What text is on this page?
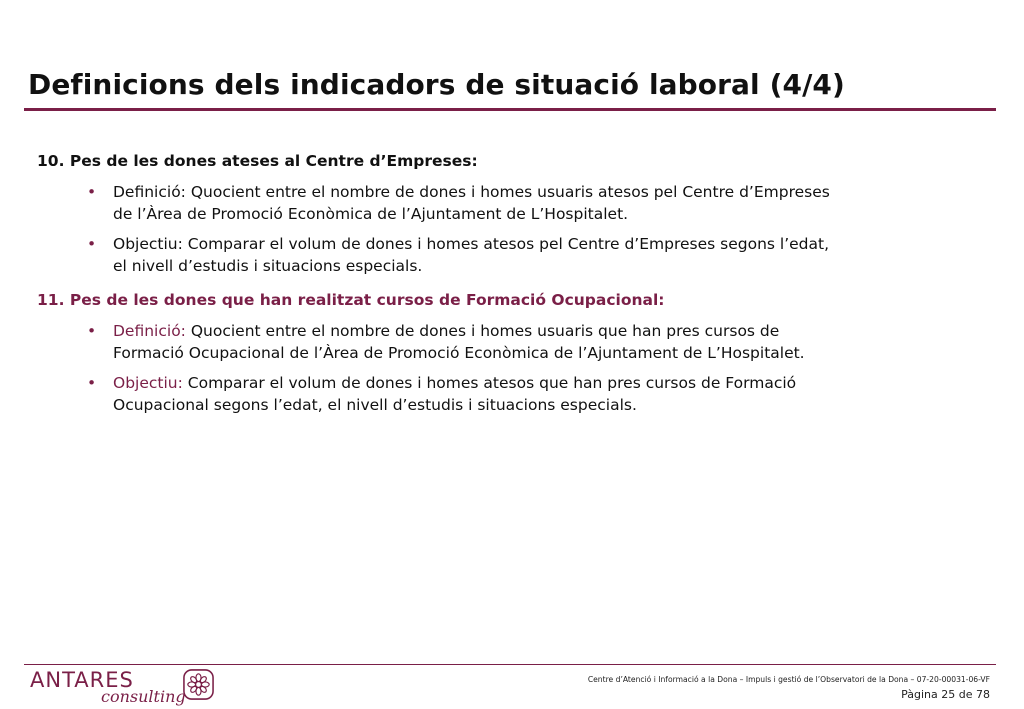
Definicions dels indicadors de situació laboral (4/4)
10. Pes de les dones ateses al Centre d’Empreses:
• Definició: Quocient entre el nombre de dones i homes usuaris atesos pel Centre d’Empreses
de l’Àrea de Promoció Econòmica de l’Ajuntament de L’Hospitalet.
• Objectiu: Comparar el volum de dones i homes atesos pel Centre d’Empreses segons l’edat,
el nivell d’estudis i situacions especials.
11. Pes de les dones que han realitzat cursos de Formació Ocupacional:
• Definició: Quocient entre el nombre de dones i homes usuaris que han pres cursos de
Formació Ocupacional de l’Àrea de Promoció Econòmica de l’Ajuntament de L’Hospitalet.
• Objectiu: Comparar el volum de dones i homes atesos que han pres cursos de Formació
Ocupacional segons l’edat, el nivell d’estudis i situacions especials.
ANTARES
consulting
Centre d’Atenció i Informació a la Dona – Impuls i gestió de l’Observatori de la Dona – 07-20-00031-06-VF
Pàgina 25 de 78
